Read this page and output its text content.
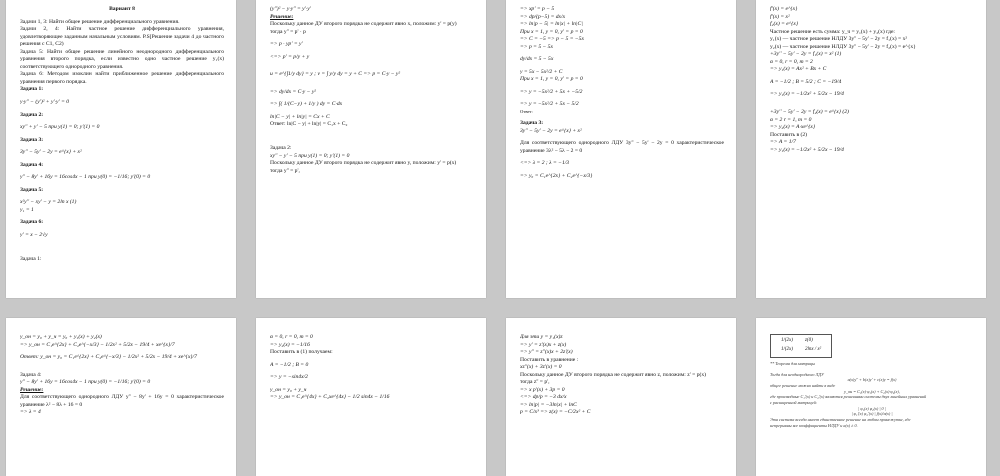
Вариант 8
Задачи 1, 3: Найти общее решение дифференциального уравнения.
Задачи 2, 4: Найти частное решение дифференциального уравнения, удовлетворяющее заданным начальным условиям. P.S[Решение задачи 4 до частного решения с C1, C2)
Задача 5: Найти общее решение линейного неоднородного дифференциального уравнения второго порядка, если известно одно частное решение y₁(x) соответствующего однородного уравнения.
Задача 6: Методом изоклин найти приближенное решение дифференциального уравнения первого порядка.
Задача 1:
y·y'' − (y')² + y'·y' = 0
Задача 2:
xy'' + y' − 5 при y(1) = 0; y'(1) = 0
Задача 3:
3y'' − 5y' − 2y = e^{x} + x²
Задача 4:
y'' − 8y' + 16y = 16cos4x − 1 при y(0) = −1/16; y'(0) = 0
Задача 5:
x²y'' − xy' − y = 2ln x (1)
y₁ = 1
Задача 6:
y' = x − 2√y
Задача 1:
(y'')² − y·y'' = y'·y'
Решение:
Поскольку данное ДУ второго порядка не содержит явно x, положим: y' = p(y)
тогда y'' = p' · p
=> p · yp' = y'
<=> p' = p/y + y
u = e^{∫1/y dy} = y ; v = ∫ y/y dy = y + C => p = C·y − y²
=> dy/dx = C·y − y²
=> ∫( 1/(C−y) + 1/y ) dy = C·dx
ln|C − y| + ln|y| = Cx + C
Ответ: ln|C − y| + ln|y| = C₁x + C₂
Задача 2:
xy'' − y' − 5 при y(1) = 0; y'(1) = 0
Поскольку данное ДУ второго порядка не содержит явно y, положим: y' = p(x)
тогда y'' = p',
=> xp' = p − 5
=> dp/(p−5) = dx/x
=> ln|p − 5| = ln|x| + ln|C|
При x = 1, y = 0, y' = p = 0
=> C = −5 => p − 5 = −5x
=> p = 5 − 5x
dy/dx = 5 − 5x
y = 5x − 5x²/2 + C
При x = 1, y = 0, y' = p = 0
=> y = −5x²/2 + 5x + −5/2
=> y = −5x²/2 + 5x − 5/2
Ответ:
Задача 3:
3y'' − 5y' − 2y = e^{x} + x²
Для соответствующего однородного ЛДУ 3y'' − 5y' − 2y = 0 характеристическое уравнение 3λ² − 5λ − 2 = 0
<=> λ = 2 ; λ = −1/3
=> y₀ = C₁e^{2x} + C₂e^{−x/3}
f'(x) = e^{x}
f'(x) = x²
f₂(x) = e^{x}
Частное решение есть сумма: y_ч = y₁(x) + y₂(x) где:
y₁(x) — частное решение НЛДУ 3y'' − 5y' − 2y = f₁(x) = x²
y₂(x) — частное решение НЛДУ 3y'' − 5y' − 2y = f₂(x) = e^{x}
+3y'' − 5y' − 2y = f₁(x) = x² (1)
α = 0, r = 0, m = 2
=> y₁(x) = Ax² + Bx + C
A = −1/2 ; B = 5/2 ; C = −19/4
=> y₁(x) = −1/2x² + 5/2x − 19/4
+3y'' − 5y' − 2y = f₂(x) = e^{x} (2)
α = 2 r = 1, m = 0
=> y₂(x) = A·xe^{x}
Поставить в (2)
=> A = 1/7
=> y₁(x) = −1/2x² + 5/2x − 19/4
y_он = y₀ + y_ч = y₀ + y₁(x) + y₂(x)
=> y_он = C₁e^{2x} + C₂e^{−x/3} − 1/2x² + 5/2x − 19/4 + xe^{x}/7
Ответ: y_он = y₀ = C₁e^{2x} + C₂e^{−x/3} − 1/2x² + 5/2x − 19/4 + xe^{x}/7
Задача 4:
y'' − 8y' + 16y = 16cos4x − 1 при y(0) = −1/16; y'(0) = 0
Решение:
Для соответствующего однородного ЛДУ y'' − 8y' + 16y = 0 характеристическое уравнение λ² − 8λ + 16 = 0
=> λ = 4
α = 0, r = 0, m = 0
=> y₂(x) = −1/16
Поставить в (1) получаем:
A = −1/2 ; B = 0
=> y = −sin4x/2
y_он = y₀ + y_ч
=> y_он = C₁e^{4x} + C₂xe^{4x} − 1/2 sin4x − 1/16
Для эти y = y₁(x)z
=> y' = z'(x)x + z(x)
=> y'' = z''(x)x + 2z'(x)
Поставить в уравнение :
xz''(x) + 3z'(x) = 0
Поскольку данное ДУ второго порядка не содержит явно z, положим: z' = p(x)
тогда z'' = p',
=> x p'(x) + 3p = 0
<=> dp/p = −3 dx/x
=> ln|p| = −3ln|x| + lnC
p = C/x³ => z(x) = −C/2x² + C
1/(2x)	z(0)
1/(2x)	2lnx / x²
** Теорема для матрицы
Тогда для неоднородного ЛДУ
a(x)y'' + b(x)y' + c(x)y = f(x)
общее решение можно найти в виде
y_он = C₁(x)·φ₁(x) + C₂(x)·φ₂(x),
где производные C₁'(x) и C₂'(x) являются решениями системы двух линейных уравнений
с расширенной матрицей:
| φ₁(x) φ₂(x) | 0 |
| φ₁'(x) φ₂'(x) | f(x)/a(x) |
Эта система всегда имеет единственное решение на любом промежутке, где
непрерывны все коэффициенты НЛДУ и a(x) ≠ 0.
